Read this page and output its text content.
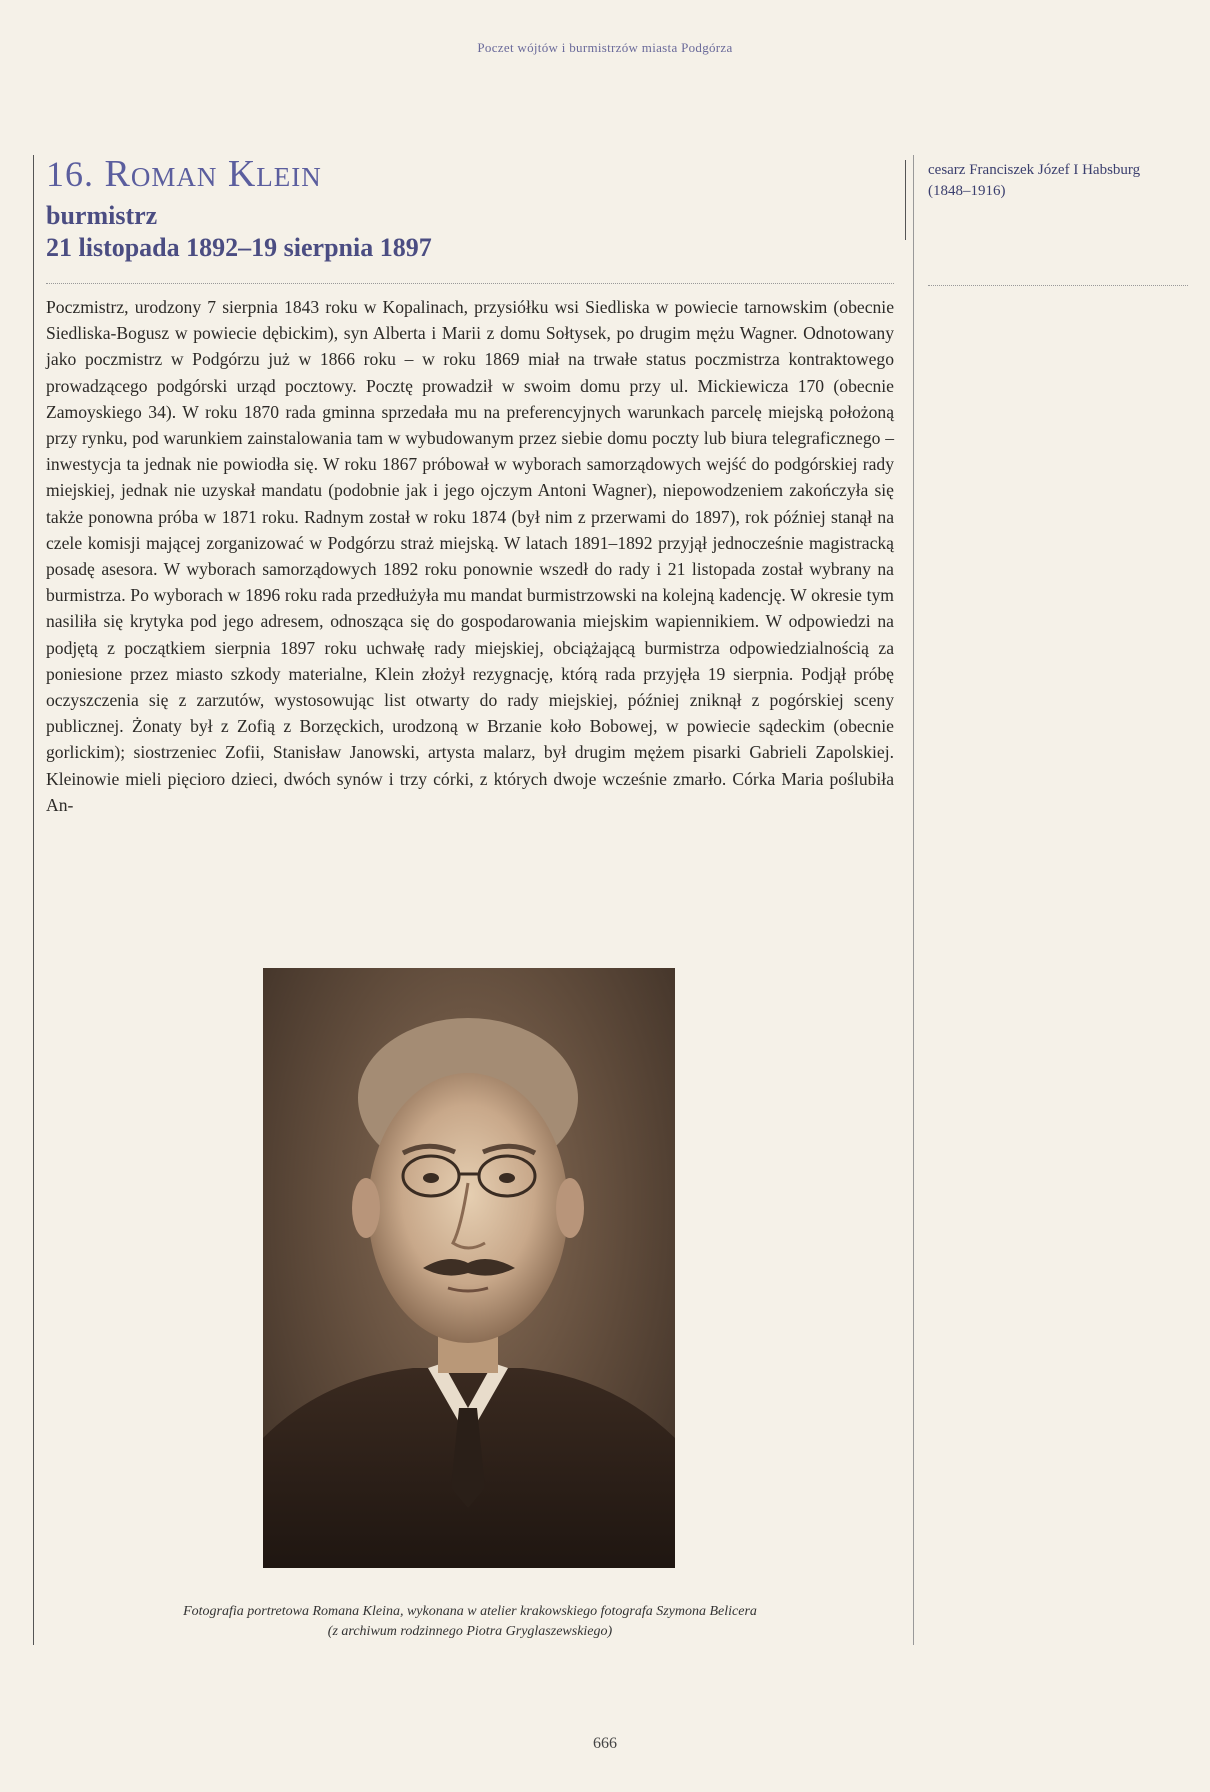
Poczet wójtów i burmistrzów miasta Podgórza
16. Roman Klein
burmistrz
21 listopada 1892–19 sierpnia 1897
cesarz Franciszek Józef I Habsburg
(1848–1916)

Poczmistrz, urodzony 7 sierpnia 1843 roku w Kopalinach, przysiółku wsi Siedliska w powiecie tarnowskim (obecnie Siedliska-Bogusz w powiecie dębickim), syn Alberta i Marii z domu Sołtysek, po drugim mężu Wagner. Odnotowany jako poczmistrz w Podgórzu już w 1866 roku – w roku 1869 miał na trwałe status poczmistrza kontraktowego prowadzącego podgórski urząd pocztowy. Pocztę prowadził w swoim domu przy ul. Mickiewicza 170 (obecnie Zamoyskiego 34). W roku 1870 rada gminna sprzedała mu na preferencyjnych warunkach parcelę miejską położoną przy rynku, pod warunkiem zainstalowania tam w wybudowanym przez siebie domu poczty lub biura telegraficznego – inwestycja ta jednak nie powiodła się. W roku 1867 próbował w wyborach samorządowych wejść do podgórskiej rady miejskiej, jednak nie uzyskał mandatu (podobnie jak i jego ojczym Antoni Wagner), niepowodzeniem zakończyła się także ponowna próba w 1871 roku. Radnym został w roku 1874 (był nim z przerwami do 1897), rok później stanął na czele komisji mającej zorganizować w Podgórzu straż miejską. W latach 1891–1892 przyjął jednocześnie magistracką posadę asesora. W wyborach samorządowych 1892 roku ponownie wszedł do rady i 21 listopada został wybrany na burmistrza. Po wyborach w 1896 roku rada przedłużyła mu mandat burmistrzowski na kolejną kadencję. W okresie tym nasiliła się krytyka pod jego adresem, odnosząca się do gospodarowania miejskim wapiennikiem. W odpowiedzi na podjętą z początkiem sierpnia 1897 roku uchwałę rady miejskiej, obciążającą burmistrza odpowiedzialnością za poniesione przez miasto szkody materialne, Klein złożył rezygnację, którą rada przyjęła 19 sierpnia. Podjął próbę oczyszczenia się z zarzutów, wystosowując list otwarty do rady miejskiej, później zniknął z pogórskiej sceny publicznej. Żonaty był z Zofią z Borzęckich, urodzoną w Brzanie koło Bobowej, w powiecie sądeckim (obecnie gorlickim); siostrzeniec Zofii, Stanisław Janowski, artysta malarz, był drugim mężem pisarki Gabrieli Zapolskiej. Kleinowie mieli pięcioro dzieci, dwóch synów i trzy córki, z których dwoje wcześnie zmarło. Córka Maria poślubiła An-

Fotografia portretowa Romana Kleina, wykonana w atelier krakowskiego fotografa Szymona Belicera
(z archiwum rodzinnego Piotra Gryglaszewskiego)
666
